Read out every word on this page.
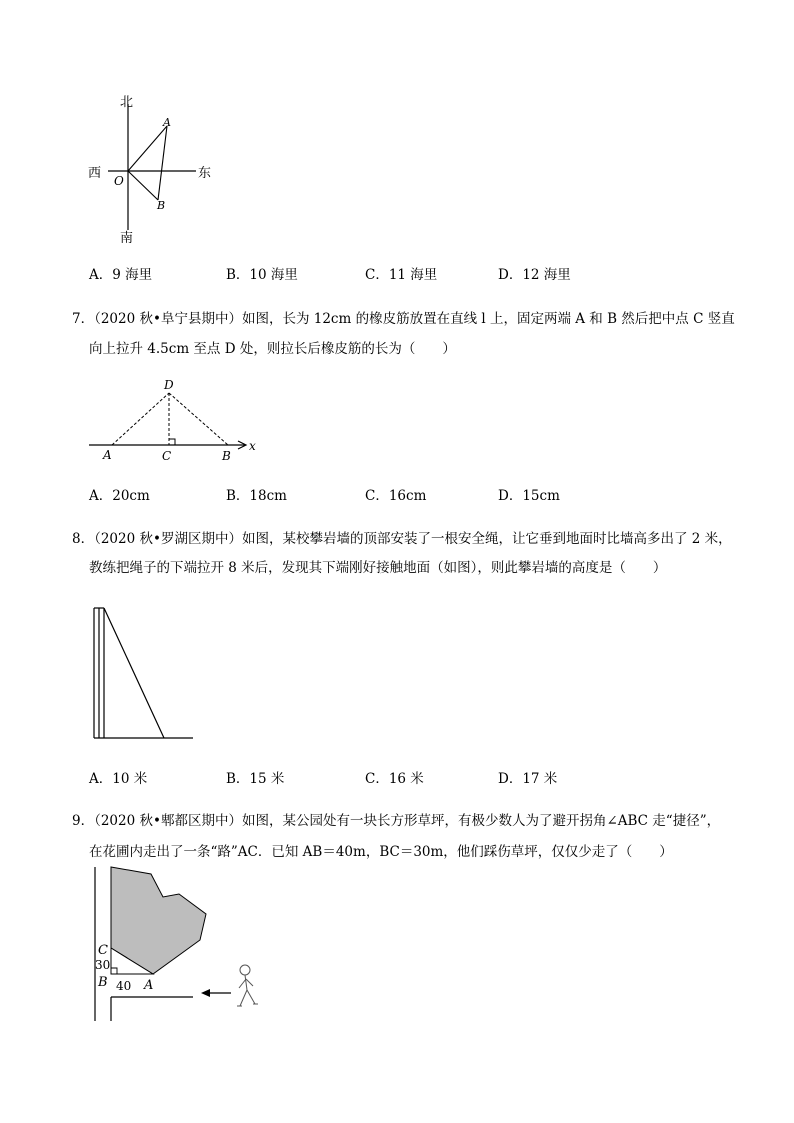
北
南
西	东
O
A
B
A．9 海里	B．10 海里	C．11 海里	D．12 海里
7．（2020 秋•阜宁县期中）如图，长为 12cm 的橡皮筋放置在直线 l 上，固定两端 A 和 B 然后把中点 C 竖直
向上拉升 4.5cm 至点 D 处，则拉长后橡皮筋的长为（　　）
D
A	C	B
x
A．20cm	B．18cm	C．16cm	D．15cm
8．（2020 秋•罗湖区期中）如图，某校攀岩墙的顶部安装了一根安全绳，让它垂到地面时比墙高多出了 2 米，
教练把绳子的下端拉开 8 米后，发现其下端刚好接触地面（如图），则此攀岩墙的高度是（　　）
A．10 米	B．15 米	C．16 米	D．17 米
9．（2020 秋•郫都区期中）如图，某公园处有一块长方形草坪，有极少数人为了避开拐角∠ABC 走“捷径”，
在花圃内走出了一条“路”AC．已知 AB＝40m，BC＝30m，他们踩伤草坪，仅仅少走了（　　）
C
30
B 40 A
